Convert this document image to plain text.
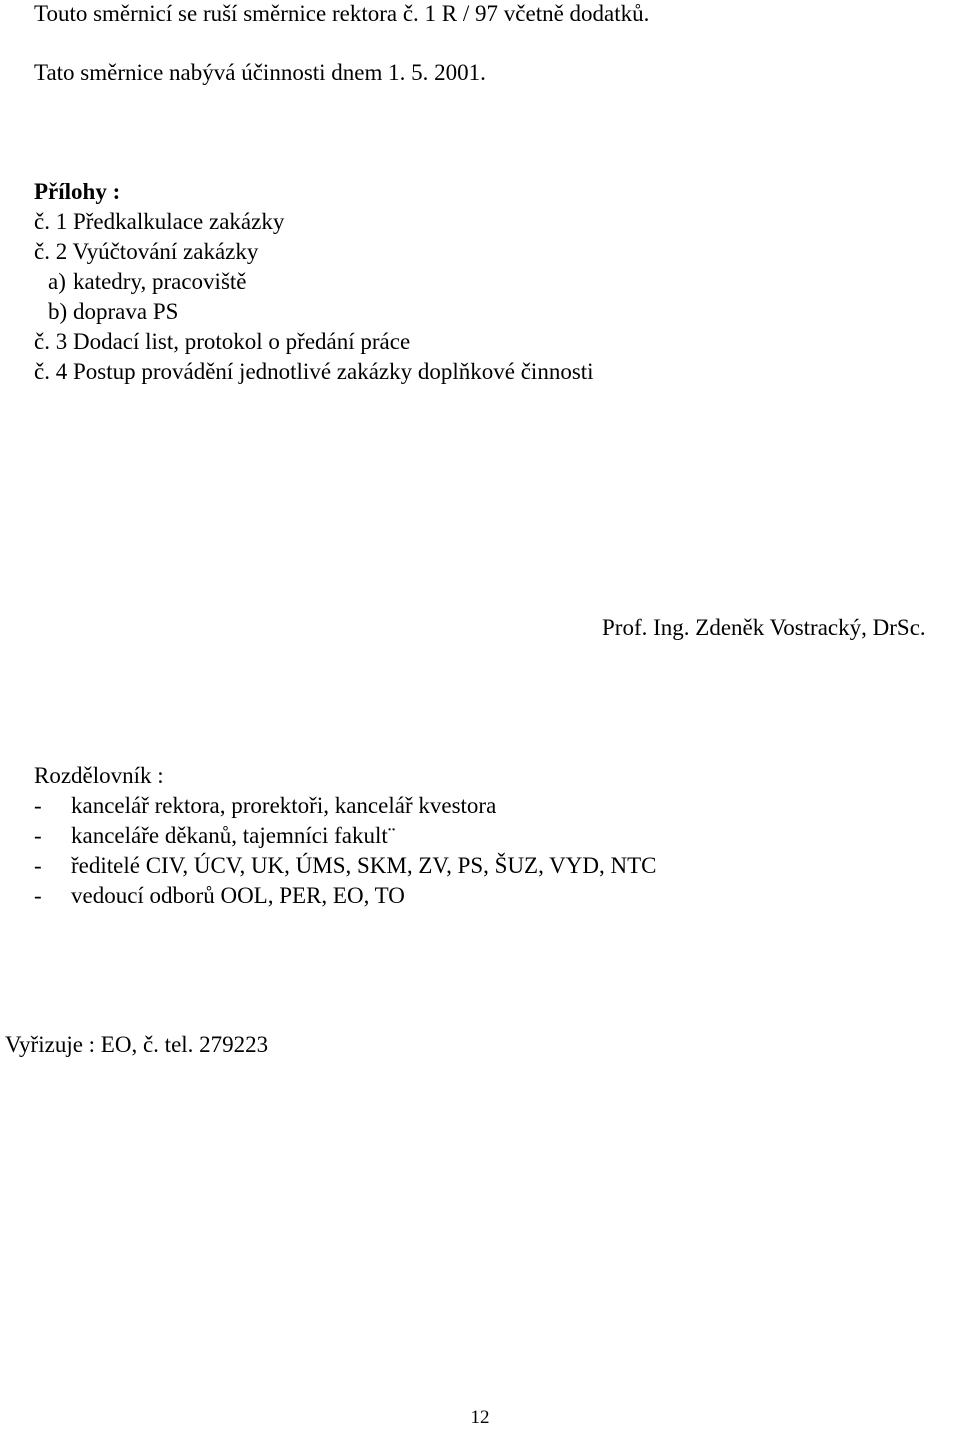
Touto směrnicí se ruší směrnice rektora č. 1 R / 97 včetně dodatků.
Tato směrnice nabývá účinnosti dnem 1. 5. 2001.
Přílohy :
č. 1 Předkalkulace zakázky
č. 2 Vyúčtování zakázky
a) katedry, pracoviště
b) doprava PS
č. 3 Dodací list, protokol o předání práce
č. 4 Postup provádění jednotlivé zakázky doplňkové činnosti
Prof. Ing. Zdeněk Vostracký, DrSc.
Rozdělovník :
- kancelář rektora, prorektoři, kancelář kvestora
- kanceláře děkanů, tajemníci fakult¨
- ředitelé CIV, ÚCV, UK, ÚMS, SKM, ZV, PS, ŠUZ, VYD, NTC
- vedoucí odborů OOL, PER, EO, TO
Vyřizuje : EO, č. tel. 279223
12
